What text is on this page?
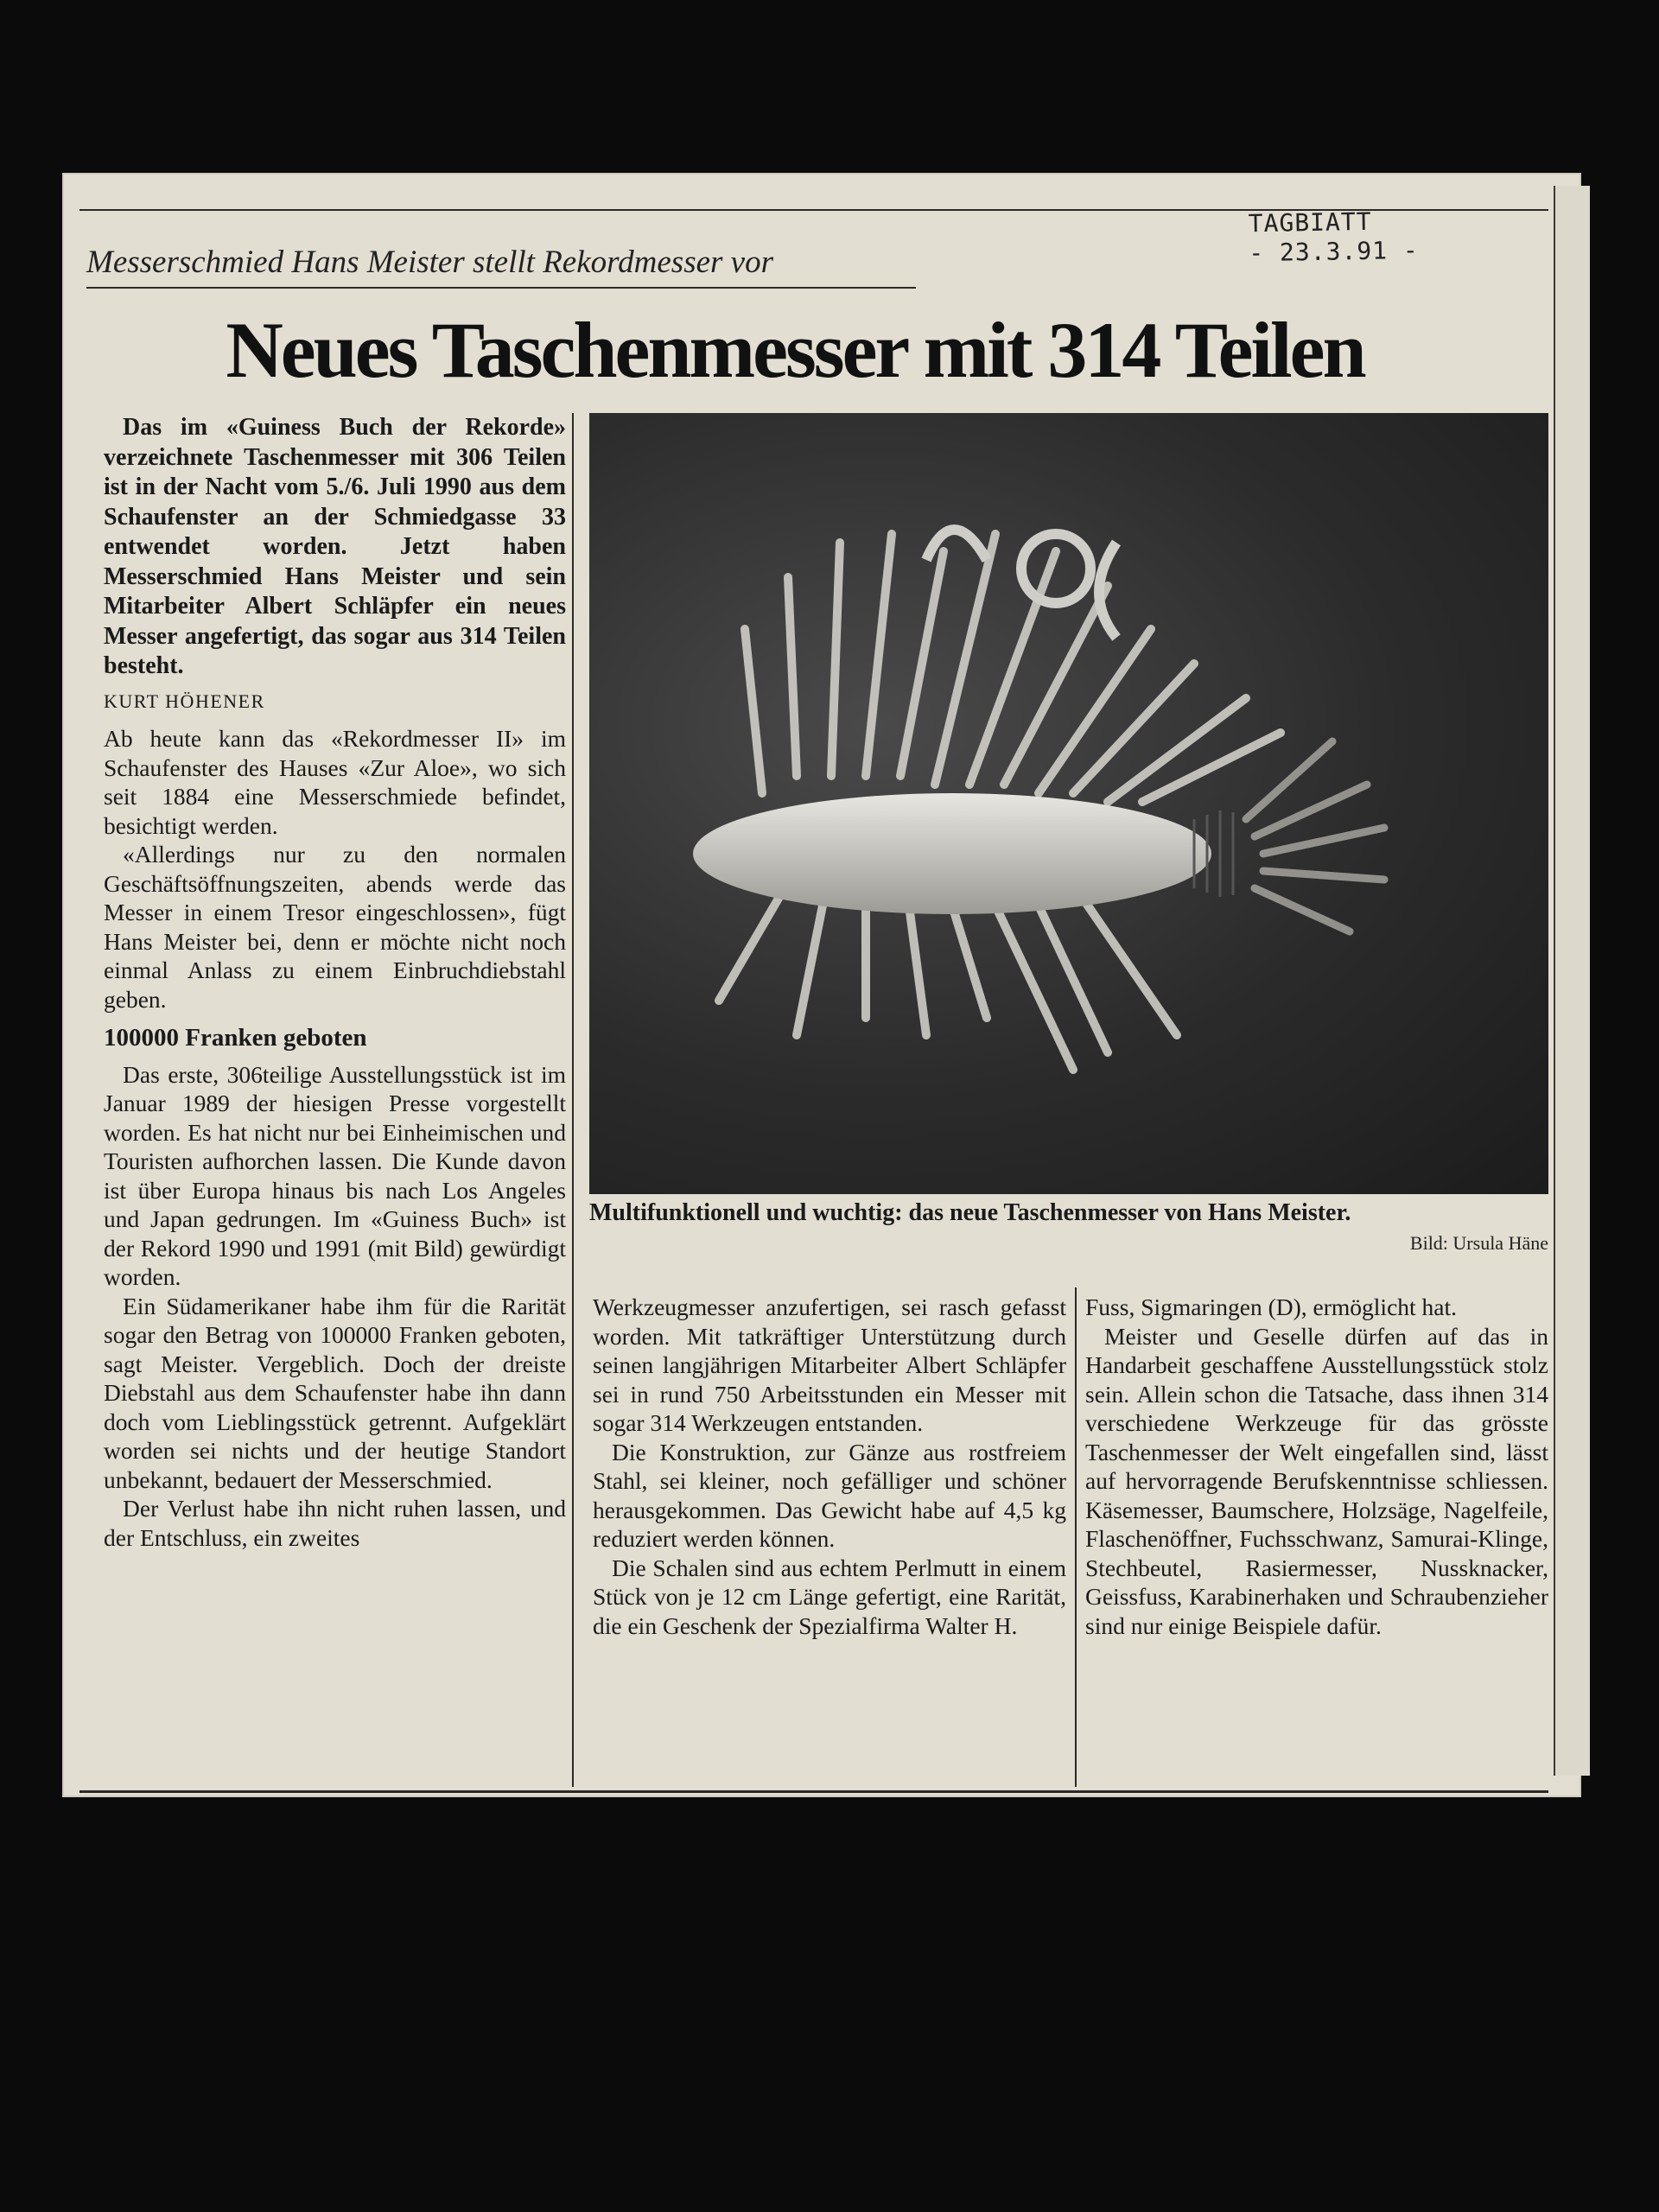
TAGBIATT
- 23.3.91 -
Messerschmied Hans Meister stellt Rekordmesser vor
Neues Taschenmesser mit 314 Teilen

Das im «Guiness Buch der Rekorde» verzeichnete Taschenmesser mit 306 Teilen ist in der Nacht vom 5./6. Juli 1990 aus dem Schaufenster an der Schmiedgasse 33 entwendet worden. Jetzt haben Messerschmied Hans Meister und sein Mitarbeiter Albert Schläpfer ein neues Messer angefertigt, das sogar aus 314 Teilen besteht.

KURT HÖHENER

Ab heute kann das «Rekordmesser II» im Schaufenster des Hauses «Zur Aloe», wo sich seit 1884 eine Messerschmiede befindet, besichtigt werden.

«Allerdings nur zu den normalen Geschäftsöffnungszeiten, abends werde das Messer in einem Tresor eingeschlossen», fügt Hans Meister bei, denn er möchte nicht noch einmal Anlass zu einem Einbruchdiebstahl geben.

100000 Franken geboten

Das erste, 306teilige Ausstellungsstück ist im Januar 1989 der hiesigen Presse vorgestellt worden. Es hat nicht nur bei Einheimischen und Touristen aufhorchen lassen. Die Kunde davon ist über Europa hinaus bis nach Los Angeles und Japan gedrungen. Im «Guiness Buch» ist der Rekord 1990 und 1991 (mit Bild) gewürdigt worden.

Ein Südamerikaner habe ihm für die Rarität sogar den Betrag von 100000 Franken geboten, sagt Meister. Vergeblich. Doch der dreiste Diebstahl aus dem Schaufenster habe ihn dann doch vom Lieblingsstück getrennt. Aufgeklärt worden sei nichts und der heutige Standort unbekannt, bedauert der Messerschmied.

Der Verlust habe ihn nicht ruhen lassen, und der Entschluss, ein zweites

Multifunktionell und wuchtig: das neue Taschenmesser von Hans Meister.
Bild: Ursula Häne

Werkzeugmesser anzufertigen, sei rasch gefasst worden. Mit tatkräftiger Unterstützung durch seinen langjährigen Mitarbeiter Albert Schläpfer sei in rund 750 Arbeitsstunden ein Messer mit sogar 314 Werkzeugen entstanden.

Die Konstruktion, zur Gänze aus rostfreiem Stahl, sei kleiner, noch gefälliger und schöner herausgekommen. Das Gewicht habe auf 4,5 kg reduziert werden können.

Die Schalen sind aus echtem Perlmutt in einem Stück von je 12 cm Länge gefertigt, eine Rarität, die ein Geschenk der Spezialfirma Walter H.

Fuss, Sigmaringen (D), ermöglicht hat.

Meister und Geselle dürfen auf das in Handarbeit geschaffene Ausstellungsstück stolz sein. Allein schon die Tatsache, dass ihnen 314 verschiedene Werkzeuge für das grösste Taschenmesser der Welt eingefallen sind, lässt auf hervorragende Berufskenntnisse schliessen. Käsemesser, Baumschere, Holzsäge, Nagelfeile, Flaschenöffner, Fuchsschwanz, Samurai-Klinge, Stechbeutel, Rasiermesser, Nussknacker, Geissfuss, Karabinerhaken und Schraubenzieher sind nur einige Beispiele dafür.
